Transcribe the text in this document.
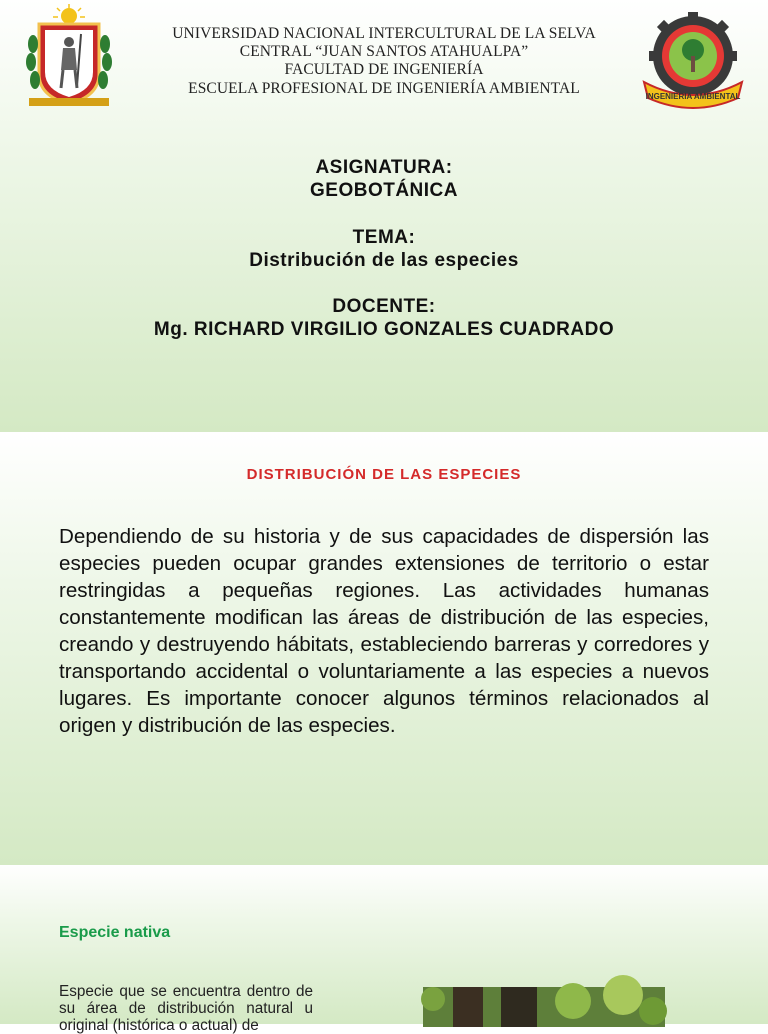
UNIVERSIDAD NACIONAL INTERCULTURAL DE LA SELVA
CENTRAL “JUAN SANTOS ATAHUALPA”
FACULTAD DE INGENIERÍA
ESCUELA PROFESIONAL DE INGENIERÍA AMBIENTAL	INGENIERIA AMBIENTAL
ASIGNATURA:
GEOBOTÁNICA
TEMA:
Distribución de las especies
DOCENTE:
Mg. RICHARD VIRGILIO GONZALES CUADRADO
DISTRIBUCIÓN DE LAS ESPECIES
Dependiendo de su historia y de sus capacidades de dispersión las especies pueden ocupar grandes extensiones de territorio o estar restringidas a pequeñas regiones. Las actividades humanas constantemente modifican las áreas de distribución de las especies, creando y destruyendo hábitats, estableciendo barreras y corredores y transportando accidental o voluntariamente a las especies a nuevos lugares. Es importante conocer algunos términos relacionados al origen y distribución de las especies.
Especie nativa
Especie que se encuentra dentro de su área de distribución natural u original (histórica o actual) de
